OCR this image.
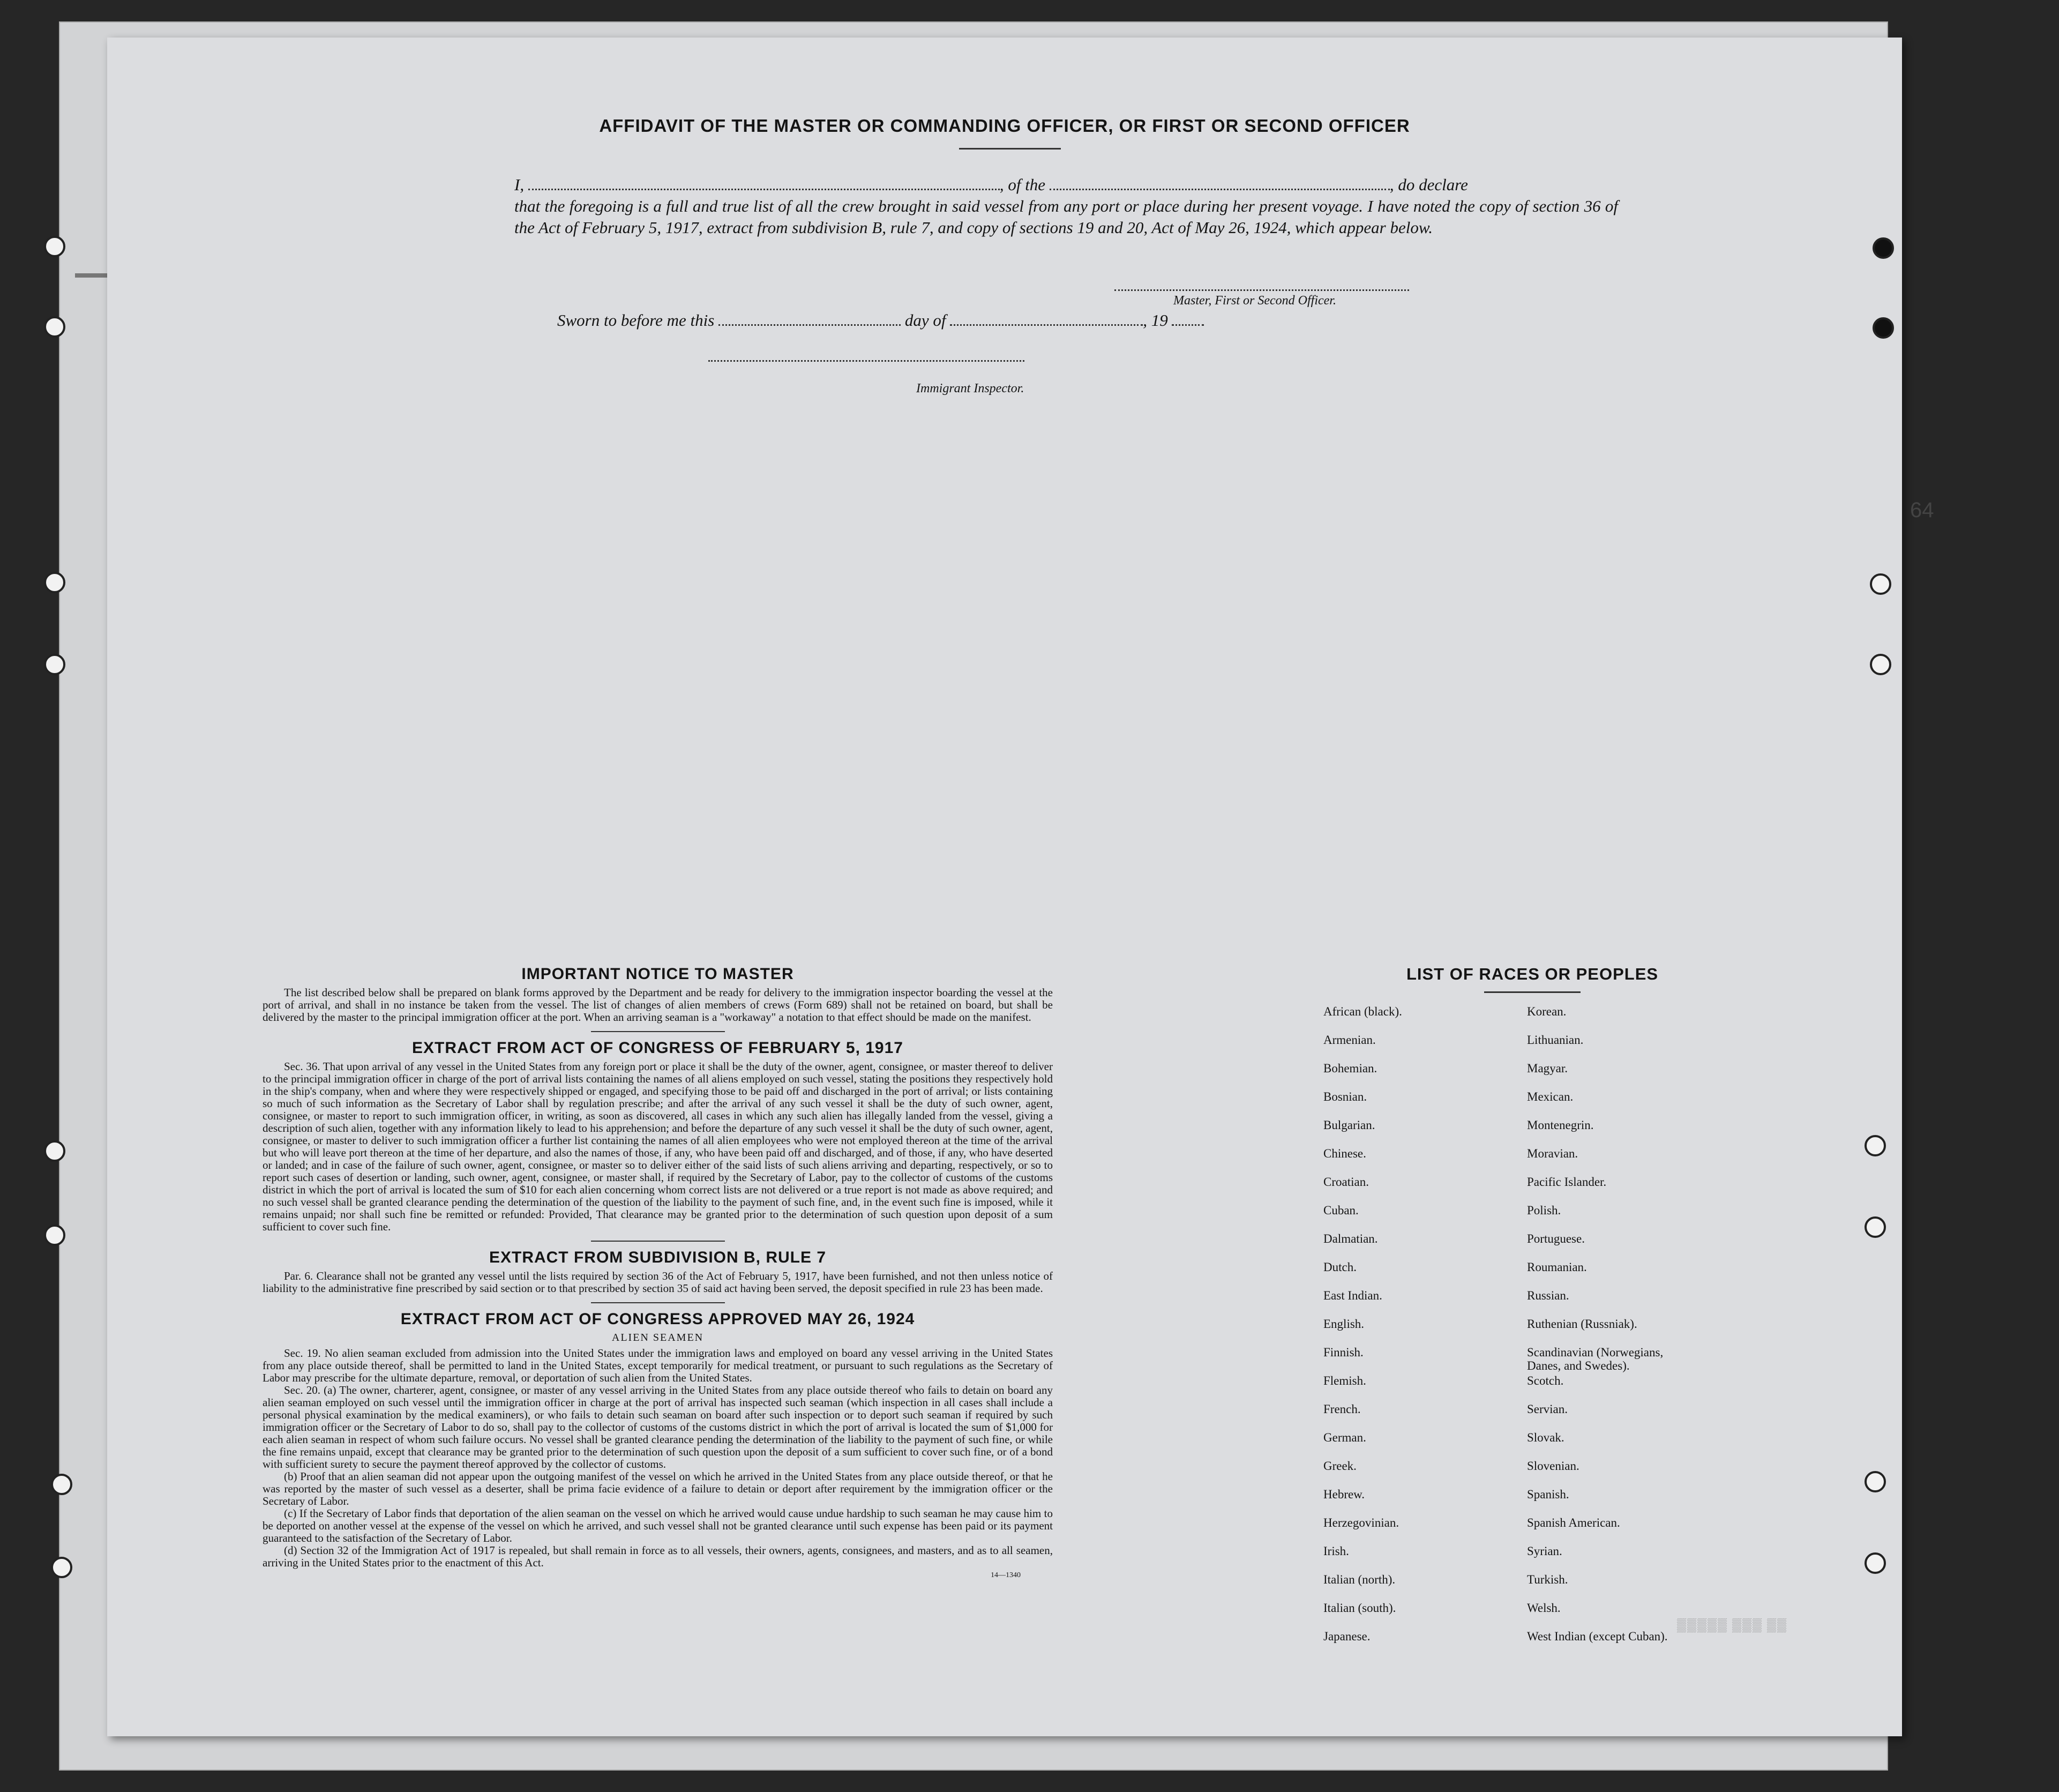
AFFIDAVIT OF THE MASTER OR COMMANDING OFFICER, OR FIRST OR SECOND OFFICER
I,	, of the	, do declare
that the foregoing is a full and true list of all the crew brought in said vessel from any port or place during her present voyage. I have noted the copy of section 36 of the Act of February 5, 1917, extract from subdivision B, rule 7, and copy of sections 19 and 20, Act of May 26, 1924, which appear below.
Master, First or Second Officer.
Sworn to before me this	day of	, 19
Immigrant Inspector.
IMPORTANT NOTICE TO MASTER

The list described below shall be prepared on blank forms approved by the Department and be ready for delivery to the immigration inspector boarding the vessel at the port of arrival, and shall in no instance be taken from the vessel. The list of changes of alien members of crews (Form 689) shall not be retained on board, but shall be delivered by the master to the principal immigration officer at the port. When an arriving seaman is a "workaway" a notation to that effect should be made on the manifest.

EXTRACT FROM ACT OF CONGRESS OF FEBRUARY 5, 1917

Sec. 36. That upon arrival of any vessel in the United States from any foreign port or place it shall be the duty of the owner, agent, consignee, or master thereof to deliver to the principal immigration officer in charge of the port of arrival lists containing the names of all aliens employed on such vessel, stating the positions they respectively hold in the ship's company, when and where they were respectively shipped or engaged, and specifying those to be paid off and discharged in the port of arrival; or lists containing so much of such information as the Secretary of Labor shall by regulation prescribe; and after the arrival of any such vessel it shall be the duty of such owner, agent, consignee, or master to report to such immigration officer, in writing, as soon as discovered, all cases in which any such alien has illegally landed from the vessel, giving a description of such alien, together with any information likely to lead to his apprehension; and before the departure of any such vessel it shall be the duty of such owner, agent, consignee, or master to deliver to such immigration officer a further list containing the names of all alien employees who were not employed thereon at the time of the arrival but who will leave port thereon at the time of her departure, and also the names of those, if any, who have been paid off and discharged, and of those, if any, who have deserted or landed; and in case of the failure of such owner, agent, consignee, or master so to deliver either of the said lists of such aliens arriving and departing, respectively, or so to report such cases of desertion or landing, such owner, agent, consignee, or master shall, if required by the Secretary of Labor, pay to the collector of customs of the customs district in which the port of arrival is located the sum of $10 for each alien concerning whom correct lists are not delivered or a true report is not made as above required; and no such vessel shall be granted clearance pending the determination of the question of the liability to the payment of such fine, and, in the event such fine is imposed, while it remains unpaid; nor shall such fine be remitted or refunded: Provided, That clearance may be granted prior to the determination of such question upon deposit of a sum sufficient to cover such fine.

EXTRACT FROM SUBDIVISION B, RULE 7

Par. 6. Clearance shall not be granted any vessel until the lists required by section 36 of the Act of February 5, 1917, have been furnished, and not then unless notice of liability to the administrative fine prescribed by said section or to that prescribed by section 35 of said act having been served, the deposit specified in rule 23 has been made.

EXTRACT FROM ACT OF CONGRESS APPROVED MAY 26, 1924
ALIEN SEAMEN

Sec. 19. No alien seaman excluded from admission into the United States under the immigration laws and employed on board any vessel arriving in the United States from any place outside thereof, shall be permitted to land in the United States, except temporarily for medical treatment, or pursuant to such regulations as the Secretary of Labor may prescribe for the ultimate departure, removal, or deportation of such alien from the United States.

Sec. 20. (a) The owner, charterer, agent, consignee, or master of any vessel arriving in the United States from any place outside thereof who fails to detain on board any alien seaman employed on such vessel until the immigration officer in charge at the port of arrival has inspected such seaman (which inspection in all cases shall include a personal physical examination by the medical examiners), or who fails to detain such seaman on board after such inspection or to deport such seaman if required by such immigration officer or the Secretary of Labor to do so, shall pay to the collector of customs of the customs district in which the port of arrival is located the sum of $1,000 for each alien seaman in respect of whom such failure occurs. No vessel shall be granted clearance pending the determination of the liability to the payment of such fine, or while the fine remains unpaid, except that clearance may be granted prior to the determination of such question upon the deposit of a sum sufficient to cover such fine, or of a bond with sufficient surety to secure the payment thereof approved by the collector of customs.

(b) Proof that an alien seaman did not appear upon the outgoing manifest of the vessel on which he arrived in the United States from any place outside thereof, or that he was reported by the master of such vessel as a deserter, shall be prima facie evidence of a failure to detain or deport after requirement by the immigration officer or the Secretary of Labor.

(c) If the Secretary of Labor finds that deportation of the alien seaman on the vessel on which he arrived would cause undue hardship to such seaman he may cause him to be deported on another vessel at the expense of the vessel on which he arrived, and such vessel shall not be granted clearance until such expense has been paid or its payment guaranteed to the satisfaction of the Secretary of Labor.

(d) Section 32 of the Immigration Act of 1917 is repealed, but shall remain in force as to all vessels, their owners, agents, consignees, and masters, and as to all seamen, arriving in the United States prior to the enactment of this Act.

14—1340
LIST OF RACES OR PEOPLES
African (black).	Korean.
Armenian.	Lithuanian.
Bohemian.	Magyar.
Bosnian.	Mexican.
Bulgarian.	Montenegrin.
Chinese.	Moravian.
Croatian.	Pacific Islander.
Cuban.	Polish.
Dalmatian.	Portuguese.
Dutch.	Roumanian.
East Indian.	Russian.
English.	Ruthenian (Russniak).
Finnish.	Scandinavian (Norwegians,
Danes, and Swedes).
Flemish.	Scotch.
French.	Servian.
German.	Slovak.
Greek.	Slovenian.
Hebrew.	Spanish.
Herzegovinian.	Spanish American.
Irish.	Syrian.
Italian (north).	Turkish.
Italian (south).	Welsh.
Japanese.	West Indian (except Cuban).
▒▒▒▒▒ ▒▒▒ ▒▒
64
